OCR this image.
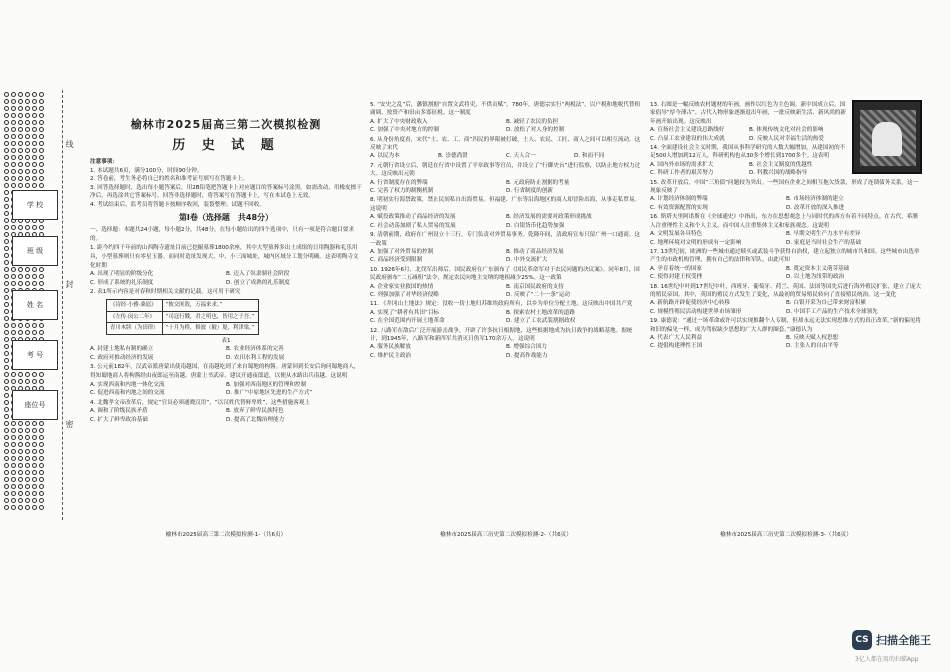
线
封
密
学 校
班 级
姓 名
考 号
座位号
榆林市2025届高三第二次模拟检测
历 史 试 题

注意事项：

1. 本试题共6页，满分100分，时间90分钟。

2. 答卷前，考生务必将自己的姓名和准考证号填写在答题卡上。

3. 回答选择题时，选出每小题答案后，用2B铅笔把答题卡上对应题目的答案标号涂黑。如需改动，用橡皮擦干净后，再选涂其它答案标号。回答非选择题时，将答案写在答题卡上，写在本试卷上无效。

4. 考试结束后，监考员将答题卡按顺序收回，装袋整理；试题不回收。

第Ⅰ卷（选择题　共48分）

一、选择题：本题共24小题，每小题2分，共48分。在每小题给出的四个选项中，只有一项是符合题目要求的。

1. 距今约四千年前的山西陶寺遗址目前已挖掘墓葬1800余座，其中大型墓葬多出土成组的日用陶器和礼乐用具，小型墓葬则只有零星玉器。而同时造址发现大、中、小三面城址，城内区域分工划分明确。这表明陶寺文化时期

A. 出现了明显的阶级分化	B. 迈入了奴隶制社会阶段
C. 形成了系统的礼乐制度	D. 创立了成熟的礼乐制度

2. 表1所示内容是对春秋时期相关文献的记载。这可用于研究

《诗经·小雅·桑扈》	“彼交匪敖，万福来求。”
《左传·闵公二年》	“司寇行戮，君之明也，皆用之于吾。”
青川木牍（为田律）	“十月为桥，修波（陂）堤，利津梁。”
表1
A. 封建土地私有制的确立	B. 农业经济体系的完善
C. 政府对推动经济的发展	D. 农田水利工程的发展

3. 公元前182年，汉武帝派唐蒙出使南越国，在南越吃到了来自蜀地的枸酱。唐蒙回到长安后询问蜀地商人，得知蜀地商人将枸酱经由夜郎运至南越。唐蒙上书武帝，建议开通夜郎道，以便从水路出兵南越。这说明

A. 实现西南和内地一体化交流	B. 加强对西南地区的管理和控制
C. 促进西南和内地之间的交流	D. 推广“中原地区先进的生产方式”

4. 北魏孝文帝改革后，规定“官员必须通晓汉语”，“以汉姓代替鲜卑姓”，这些措施客观上

A. 调和了阶级民族矛盾	B. 放弃了鲜卑民族特色
C. 扩大了鲜卑政治基础	D. 提高了北魏治理能力

5. “安史之乱”后，藩镇割据“自置文武将吏，不供贡赋”。780年，唐德宗实行“两税法”，以户税和地税代替租庸调，按资产和田亩多寡征税。这一制度

A. 扩大了中央财政收入	B. 减轻了农民的负担
C. 加强了中央对地方的控制	D. 放松了对人身的控制

6. 从身份角度看，宋代“士、农、工、商”四民的界限被打破，士人、农民、工匠、商人之间可以相互流动。这反映了宋代

A. 以民为本	B. 崇德尚贤	C. 天人合一	D. 和而不同

7. 元朝行省设立后，朝廷在行省中设置了平章政事等官员，并设立了“行御史台”进行监察，以防止地方权力过大。这反映出元朝

A. 行省制度存在的弊端	B. 元政府防止割据的考量
C. 完善了权力的制衡机制	D. 行省制度的创新

8. 明初实行海禁政策，禁止民间私自出海贸易。但福建、广东等沿海地区的商人却冒险出海，从事走私贸易。这说明

A. 赋役政策推动了商品经济的发展	B. 经济发展的需要对政策形成挑战
C. 社会动荡加剧了私人贸易的发展	D. 白银货币化趋势加强

9. 清朝前期，政府在广州设立十三行，专门负责对外贸易事务。乾隆年间，清政府宣布只留广州一口通商。这一政策

A. 加强了对外贸易的控制	B. 推动了商品经济发展
C. 商品经济受到限制	D. 中外交流扩大

10. 1926年6月，北伐军出师后，国民政府在广东颁布了《国民革命军对于农民问题的决议案》。同年8月，国民政府颁布“二五减租”法令，规定农民向地主交纳的地租减少25%。这一政策

A. 企业家实业救国的热情	B. 南京国民政府的支持
C. 列强加强了对华经济侵略	D. 反映了“二十一条”运动

11. 《井冈山土地法》规定：没收一切土地归苏维埃政府所有，以乡为单位分配土地。这反映出中国共产党

A. 实现了“耕者有其田”目标	B. 探索农村土地改革的道路
C. 在全国范围内开展土地革命	D. 建立了工农武装割据政权

12. 八路军在敌后广泛开展游击战争，开辟了许多抗日根据地，这些根据地成为抗日战争的战略基地。据统计，到1945年，八路军和新四军共消灭日伪军170余万人。这说明

A. 服务民族解放	B. 增强综合国力
C. 维护民主政治	D. 提高作战能力

13. 右图是一幅反映农村题材的年画，画作以红色为主色调。新中国成立后，国家倡导“厚今薄古”，古代人物形象逐渐退出年画，一批反映新生活、新风尚的新年画开始出现。这反映出

A. 宣扬社会主义建设总路线好	B. 体现传统文化对社会的影响
C. 凸显工农业建设的伟大成就	D. 反映人民对幸福生活的热爱

14. 全面建设社会主义时期，我国从事科学研究的人数大幅增加，从建国初的不足500人增加到12万人，科研机构也从30多个增长到1700多个。这表明

A. 国内外市场的需求扩大	B. 社会主义制度的优越性
C. 科研工作者的艰苦努力	D. 科教兴国的战略指导

15. 改革开放后，中国“三角债”问题较为突出。一些国有企业之间相互拖欠货款，形成了连锁债务关系。这一现象反映了

A. 计划经济体制的弊端	B. 市场经济体制的建立
C. 有效资源配置的实现	D. 改革开放的深入推进

16. 斯塔夫里阿诺斯在《全球通史》中指出，东方在思想观念上与同时代的西方有着不同特点。在古代，希腊人注重理性主义和个人主义，而中国人注重集体主义和家族观念。这说明

A. 文明发展各具特色	B. 早期文明生产力水平有差异
C. 地理环境对文明的形成有一定影响	D. 家庭是当时社会生产的基础

17. 13世纪初，欧洲的一些城市通过赎买或武装斗争获得自治权，建立起独立的城市共和国。这些城市由选举产生的市政机构管理，拥有自己的法律和军队。由此可知

A. 孕育着统一的国家	B. 奠定资本主义萌芽基础
C. 使得封建王权受挫	D. 以土地为纽带的政治

18. 16世纪中叶到17世纪中叶，西班牙、葡萄牙、荷兰、英国、法国等国先后进行海外殖民扩张，建立了庞大的殖民帝国。其中，英国的殖民方式发生了变化，从最初的贸易殖民转向了直接殖民统治。这一变化

A. 新航路开辟促使经济中心转移	B. 白银开采为自己带来财富积累
C. 规模性殖民活动构建世界市场雏形	D. 中国手工产品的生产技术全球领先

19. 康德说：“通过一场革命或许可以实现推翻个人专制，但却永远无法实现思维方式的真正改革。”新的偏见将和旧的偏见一样，成为驾驭缺少思想的广大人群的圈套。”康德认为

A. 代表广大人民利益	B. 反映天赋人权思想
C. 提倡构建理性王国	D. 主张人的自由平等
榆林市2025届高三第二次模拟检测-1-（共6页）	榆林市2025届高三历史第二次模拟检测-2-（共6页）	榆林市2025届高三历史第二次模拟检测-3-（共6页）
CS 扫描全能王
3亿人都在用的扫描App
